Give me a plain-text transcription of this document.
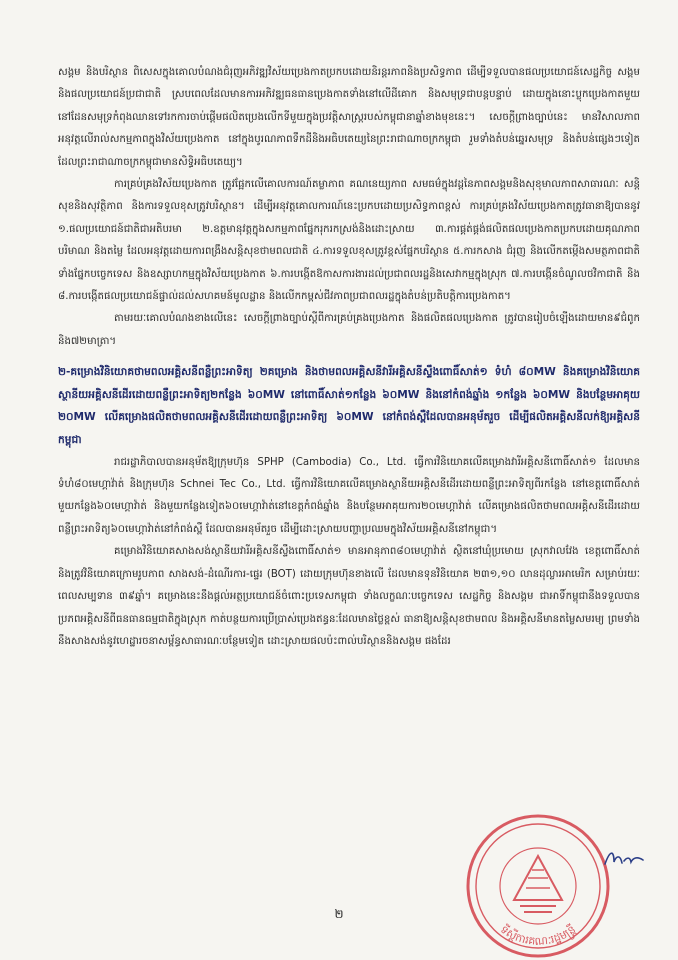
សង្គម និងបរិស្ថាន ពិសេសក្នុងគោលបំណងជំរុញអភិវឌ្ឍវិស័យប្រេងកាតប្រកបដោយនិរន្តរភាពនិងប្រសិទ្ធភាព ដើម្បីទទួលបានផលប្រយោជន៍សេដ្ឋកិច្ច សង្គម និងផលប្រយោជន៍ប្រជាជាតិ ស្របពេលដែលមានការអភិវឌ្ឍធនធានប្រេងកាតទាំងនៅលើដីគោក និងសមុទ្រជាបន្តបន្ទាប់ ដោយក្នុងនោះប្លុកប្រេងកាតមួយនៅដែនសមុទ្រកំពុងឈានទៅរកការចាប់ផ្ដើមផលិតប្រេងលើកទីមួយក្នុងប្រវត្តិសាស្ត្ររបស់កម្ពុជានាឆ្នាំខាងមុខនេះ។ សេចក្ដីព្រាងច្បាប់នេះ មានវិសាលភាពអនុវត្តលើរាល់សកម្មភាពក្នុងវិស័យប្រេងកាត នៅក្នុងបូរណភាពទឹកដីនិងអធិបតេយ្យនៃព្រះរាជាណាចក្រកម្ពុជា រួមទាំងតំបន់ឆ្នេរសមុទ្រ និងតំបន់ផ្សេងៗទៀតដែលព្រះរាជាណាចក្រកម្ពុជាមានសិទ្ធិអធិបតេយ្យ។

ការគ្រប់គ្រងវិស័យប្រេងកាត ត្រូវផ្អែកលើគោលការណ៍តម្លាភាព គណនេយ្យភាព សមធម៌ក្នុងវដ្ដនៃភាពសង្គមនិងសុខុមាលភាពសាធារណៈ សន្តិសុខនិងសុវត្ថិភាព និងការទទួលខុសត្រូវបរិស្ថាន។ ដើម្បីអនុវត្តគោលការណ៍នេះប្រកបដោយប្រសិទ្ធភាពខ្ពស់ ការគ្រប់គ្រងវិស័យប្រេងកាតត្រូវធានាឱ្យបាននូវ ១.ផលប្រយោជន៍ជាតិជាអតិបរមា ២.ឧត្តមានុវត្តក្នុងសកម្មភាពផ្នែករុករកស្រង់និងដោះស្រាយ ៣.ការផ្គត់ផ្គង់ផលិតផលប្រេងកាតប្រកបដោយគុណភាព បរិមាណ និងតម្លៃ ដែលអនុវត្តដោយការពង្រឹងសន្តិសុខថាមពលជាតិ ៤.ការទទួលខុសត្រូវខ្ពស់ផ្នែកបរិស្ថាន ៥.ការកសាង ជំរុញ និងលើកតម្កើងសមត្ថភាពជាតិទាំងផ្នែកបច្ចេកទេស និងឧស្សាហកម្មក្នុងវិស័យប្រេងកាត ៦.ការបង្កើតឱកាសការងារដល់ប្រជាពលរដ្ឋនិងសេវាកម្មក្នុងស្រុក ៧.ការបង្កើនចំណូលថវិកាជាតិ និង ៨.ការបង្កើតផលប្រយោជន៍ផ្ទាល់ដល់សហគមន៍មូលដ្ឋាន និងលើកកម្ពស់ជីវភាពប្រជាពលរដ្ឋក្នុងតំបន់ប្រតិបត្តិការប្រេងកាត។

តាមរយៈគោលបំណងខាងលើនេះ សេចក្ដីព្រាងច្បាប់ស្ដីពីការគ្រប់គ្រងប្រេងកាត និងផលិតផលប្រេងកាត ត្រូវបានរៀបចំឡើងដោយមាន៩ជំពូក និង៧២មាត្រា។

២-គម្រោងវិនិយោគថាមពលអគ្គិសនីពន្លឺព្រះអាទិត្យ ២គម្រោង និងថាមពលអគ្គិសនីវារីអគ្គិសនីស្ទឹងពោធិ៍សាត់១ ទំហំ ៨០MW និងគម្រោងវិនិយោគ ស្ថានីយអគ្គិសនីដើរដោយពន្លឺព្រះអាទិត្យ២កន្លែង ៦០MW នៅពោធិ៍សាត់១កន្លែង ៦០MW និងនៅកំពង់ឆ្នាំង ១កន្លែង ៦០MW និងបន្ថែមអាគុយ ២០MW លើគម្រោងផលិតថាមពលអគ្គិសនីដើរដោយពន្លឺព្រះអាទិត្យ ៦០MW នៅកំពង់ស្ពឺដែលបានអនុម័តរួច ដើម្បីផលិតអគ្គិសនីលក់ឱ្យអគ្គិសនីកម្ពុជា

រាជរដ្ឋាភិបាលបានអនុម័តឱ្យក្រុមហ៊ុន SPHP (Cambodia) Co., Ltd. ធ្វើការវិនិយោគលើគម្រោងវារីអគ្គិសនីពោធិ៍សាត់១ ដែលមានទំហំ៨០មេហ្គាវ៉ាត់ និងក្រុមហ៊ុន Schnei Tec Co., Ltd. ធ្វើការវិនិយោគលើគម្រោងស្ថានីយអគ្គិសនីដើរដោយពន្លឺព្រះអាទិត្យពីរកន្លែង នៅខេត្តពោធិ៍សាត់មួយកន្លែង៦០មេហ្គាវ៉ាត់ និងមួយកន្លែងទៀត៦០មេហ្គាវ៉ាត់នៅខេត្តកំពង់ឆ្នាំង និងបន្ថែមអាគុយការ២០មេហ្គាវ៉ាត់ លើគម្រោងផលិតថាមពលអគ្គិសនីដើរដោយពន្លឺព្រះអាទិត្យ៦០មេហ្គាវ៉ាត់នៅកំពង់ស្ពឺ ដែលបានអនុម័តរួច ដើម្បីដោះស្រាយបញ្ហាប្រឈមក្នុងវិស័យអគ្គិសនីនៅកម្ពុជា។

គម្រោងវិនិយោគសាងសង់ស្ថានីយវារីអគ្គិសនីស្ទឹងពោធិ៍សាត់១ មានអានុភាព៨០មេហ្គាវ៉ាត់ ស្ថិតនៅឃុំប្រមោយ ស្រុកវាលវែង ខេត្តពោធិ៍សាត់ និងត្រូវវិនិយោគក្រោមរូបភាព សាងសង់-ដំណើរការ-ផ្ទេរ (BOT) ដោយក្រុមហ៊ុនខាងលើ ដែលមានទុនវិនិយោគ ២៣១,១០ លានដុល្លារអាមេរិក សម្រាប់រយៈពេលសម្បទាន ៣៩ឆ្នាំ។ គម្រោងនេះនឹងផ្ដល់អត្ថប្រយោជន៍ចំពោះប្រទេសកម្ពុជា ទាំងលក្ខណៈបច្ចេកទេស សេដ្ឋកិច្ច និងសង្គម ជាអាទិ៍កម្ពុជានឹងទទួលបានប្រភពអគ្គិសនីពីធនធានធម្មជាតិក្នុងស្រុក កាត់បន្ថយការប្រើប្រាស់ប្រេងឥន្ធនៈដែលមានថ្លៃខ្ពស់ ធានាឱ្យសន្តិសុខថាមពល និងអគ្គិសនីមានតម្លៃសមរម្យ ព្រមទាំងនឹងសាងសង់នូវហេដ្ឋារចនាសម្ព័ន្ធសាធារណៈបន្ថែមទៀត ដោះស្រាយផលប៉ះពាល់បរិស្ថាននិងសង្គម ផងដែរ

ទីស្ដីការគណៈរដ្ឋមន្ត្រី
២
